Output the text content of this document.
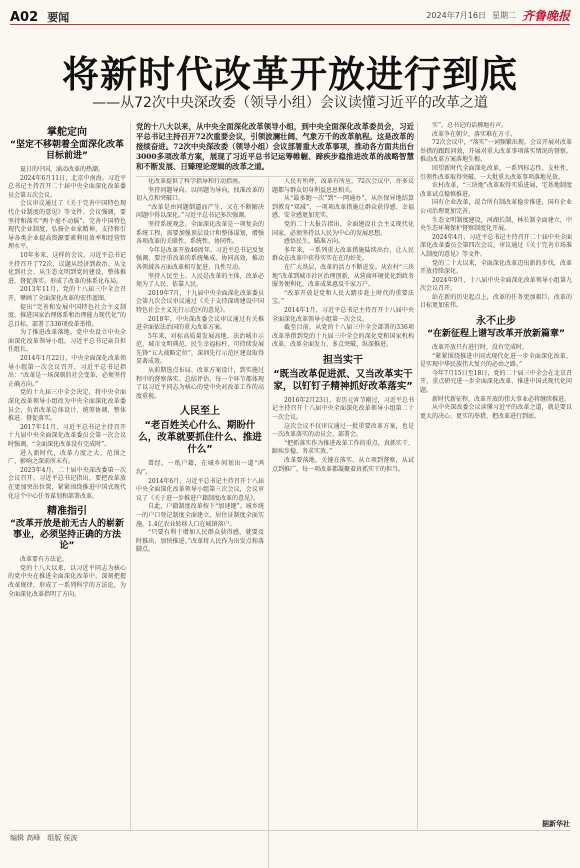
A02 要闻	2024年7月16日 星期二 齐鲁晚报
将新时代改革开放进行到底
——从72次中央深改委（领导小组）会议读懂习近平的改革之道
党的十八大以来，从中央全面深化改革领导小组，到中央全面深化改革委员会，习近平总书记主持召开72次重要会议，引领波澜壮阔、气象万千的改革航程。这是改革的接续奋进。72次中央深改委（领导小组）会议部署重大改革事项，推动各方面共出台3000多项改革方案，展现了习近平总书记运筹帷幄、蹄疾步稳推进改革的战略智慧和不断发展、日臻理论逻辑的改革之道。
掌舵定向
“坚定不移朝着全面深化改革目标前进”

夏日的中国，涌动改革的热潮。

2024年6月11日，北京中南海。习近平总书记主持召开二十届中央全面深化改革委员会第五次会议。

会议审议通过了《关于完善中国特色现代企业制度的意见》等文件。会议强调，要坚持和落实“两个毫不动摇”，完善中国特色现代企业制度，弘扬企业家精神，支持和引导各类企业提高资源要素利用效率和经营管理水平。

10年多来，这样的会议，习近平总书记主持召开了72次，议题从经济到政治、从文化到社会、从生态文明到党的建设，整体推进、督促落实，形成了改革的体系化布局。

2013年11月，党的十八届三中全会召开，擘画了全面深化改革的宏伟蓝图。

提出“完善和发展中国特色社会主义制度、推进国家治理体系和治理能力现代化”的总目标，部署了336项改革举措。

为了推进改革落地，党中央设立中央全面深化改革领导小组，习近平总书记亲自担任组长。

2014年1月22日，中央全面深化改革领导小组第一次会议召开，习近平总书记指出：“改革是一场深刻的社会变革，必须坚持正确方向。”

党的十九届三中全会决定，将中央全面深化改革领导小组改为中央全面深化改革委员会，负责改革总体设计、统筹协调、整体推进、督促落实。

2017年11月，习近平总书记主持召开十九届中央全面深化改革委员会第一次会议时强调，“全面深化改革没有完成时”。

进入新时代，改革力度之大、范围之广、影响之深前所未有。

2023年4月，二十届中央深改委第一次会议召开。习近平总书记指出，要把改革放在更加突出位置，紧紧围绕推进中国式现代化这个中心任务谋划和部署改革。

精准指引
“改革开放是前无古人的崭新事业，必须坚持正确的方法论”

改革要有方法论。

党的十八大以来，以习近平同志为核心的党中央在推进全面深化改革中，深刻把握改革规律，形成了一系列科学的方法论，为全面深化改革指明了方向。

化改革提供了科学指导和行动指南。

坚持问题导向。以问题为导向，找准改革的切入点和突破口。

“改革是由问题倒逼而产生，又在不断解决问题中得以深化。”习近平总书记多次强调。

坚持系统观念。全面深化改革是一项复杂的系统工程，需要加强顶层设计和整体谋划，增强各项改革的关联性、系统性、协同性。

今年是改革开放46周年。习近平总书记反复强调，要注重改革的系统集成、协同高效，推动各领域各方面改革相互促进、良性互动。

坚持人民至上。人民是改革的主体，改革必须为了人民、依靠人民。

2019年7月，十九届中央全面深化改革委员会第九次会议审议通过《关于支持深圳建设中国特色社会主义先行示范区的意见》。

2018年，中央深改委会议审议通过有关推进全面依法治国的重大改革方案。

5年来，对标高质量发展高地、法治城市示范、城市文明典范、民生幸福标杆、可持续发展先锋“五大战略定位”，深圳先行示范区建设取得显著成效。

从前期选点布局、改革方案设计，到实施过程中的督察落实、总结评估，每一个环节都体现了以习近平同志为核心的党中央对改革工作的高度重视。

人民至上
“老百姓关心什么、期盼什么，改革就要抓住什么、推进什么”

曾经，一纸户籍，在城乡间划出一道“鸿沟”。

2014年6月，习近平总书记主持召开十八届中央全面深化改革领导小组第三次会议，会议审议了《关于进一步推进户籍制度改革的意见》。

自此，户籍制度改革按下“加速键”。城乡统一的户口登记制度全面建立，居住证制度全面实施，1.4亿农业转移人口在城镇落户。

“只要有利于增加人民群众获得感，就要及时推出、加快推进。”改革将人民作为出发点和落脚点。

人民有所呼，改革有所应。72次会议中，许多议题都与群众切身利益息息相关。

从“最多跑一次”到“一网通办”，从医保异地结算到教育“双减”，一项项改革措施让群众获得感、幸福感、安全感更加充实。

党的二十大报告指出，全面建设社会主义现代化国家，必须坚持以人民为中心的发展思想。

感悟民生，瞄准方向。

多年来，一系列重大改革措施陆续出台，让人民群众在改革中获得实实在在的好处。

在广大基层，改革的活力不断迸发。从农村“三块地”改革到城市社区治理创新，从营商环境优化到政务服务便利化，改革成果惠及千家万户。

“改革开放是党和人民大踏步赶上时代的重要法宝。”

2014年1月，习近平总书记主持召开十八届中央全面深化改革领导小组第一次会议。

截至目前，从党的十八届三中全会部署的336项改革举措到党的十九届三中全会的深化党和国家机构改革，改革全面发力、多点突破、纵深推进。

担当实干
“既当改革促进派、又当改革实干家，以钉钉子精神抓好改革落实”

2016年2月23日，农历元宵节刚过，习近平总书记主持召开十八届中央全面深化改革领导小组第二十一次会议。

这次会议不仅审议通过一批重要改革方案，也是一次改革落实的动员会、部署会。

“把抓落实作为推进改革工作的重点，真抓实干、蹄疾步稳、务求实效。”

改革要落地，关键在落实。从立项到督察，从试点到推广，每一项改革都凝聚着真抓实干的担当。

实”。总书记的话掷地有声。

改革争在朝夕，落实难在方寸。

72次会议中，“落实”一词频繁出现。会议开展对改革举措的跟踪问效，开展对重大改革事项落实情况的督察，推动改革方案落地生根。

回望新时代全面深化改革，一系列标志性、支柱性、引领性改革取得突破，一大批重大改革事项落地见效。

农村改革，“三块地”改革取得实质进展，宅基地制度改革试点稳慎推进。

国有企业改革，混合所有制改革稳步推进，国有企业公司治理更加完善。

生态文明制度建设，河湖长制、林长制全面建立，中央生态环境保护督察制度化开展。

2024年4月，习近平总书记主持召开二十届中央全面深化改革委员会第四次会议，审议通过《关于完善市场准入制度的意见》等文件。

党的二十大以来，全面深化改革迈出新的步伐，改革开放持续深化。

2024年9月，十八届中央全面深化改革领导小组第九次会议召开。

站在新的历史起点上，改革的任务更加艰巨，改革的目标更加宏伟。

永不止步
“在新征程上谱写改革开放新篇章”

改革开放只有进行时，没有完成时。

“紧紧围绕推进中国式现代化进一步全面深化改革，是实现中华民族伟大复兴的必由之路。”

今年7月15日至18日，党的二十届三中全会在北京召开，重点研究进一步全面深化改革、推进中国式现代化问题。

新时代新征程，改革开放的伟大事业必将继续推进。

从中央深改委会议读懂习近平的改革之道，就是要以更大的决心、更实的举措，把改革进行到底。

据新华社
编辑 高峰　组版 侯波
